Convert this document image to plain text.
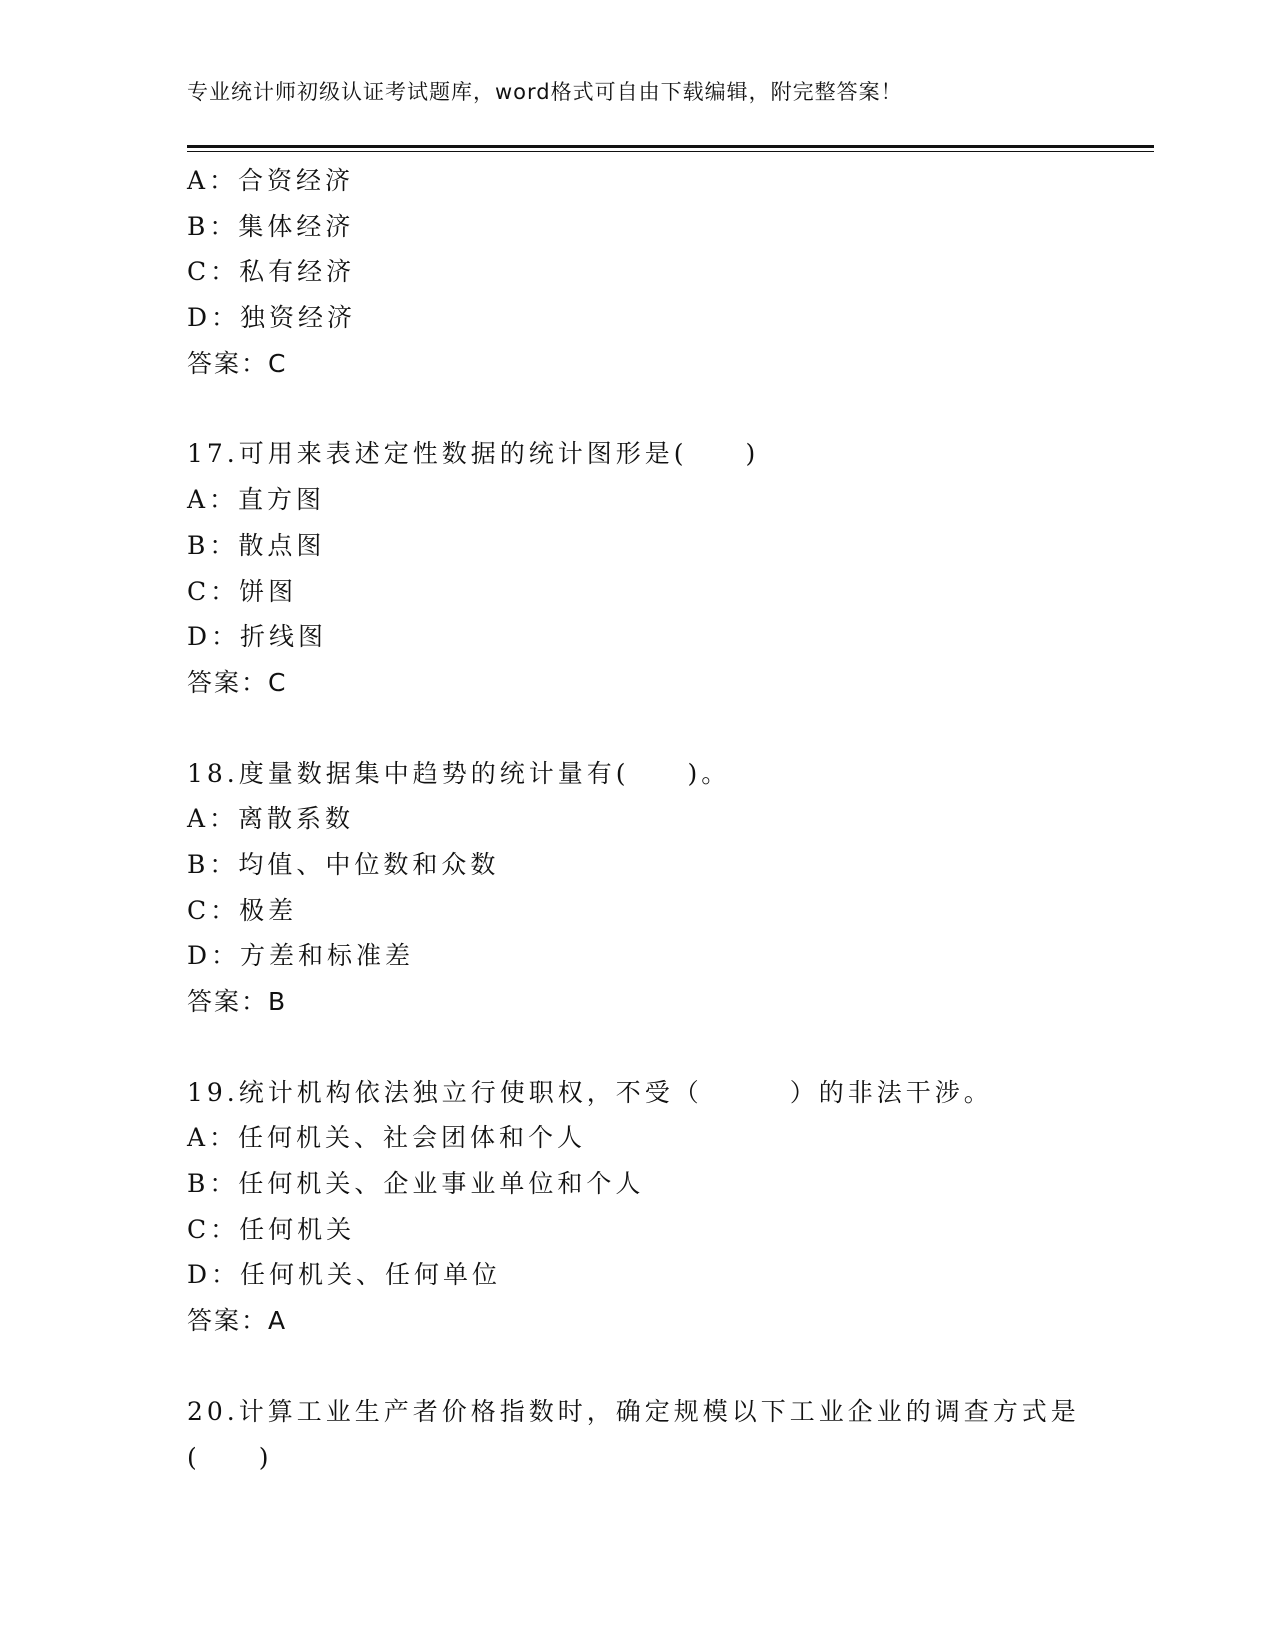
专业统计师初级认证考试题库，word格式可自由下载编辑，附完整答案！
A：合资经济
B：集体经济
C：私有经济
D：独资经济
答案：C
17.可用来表述定性数据的统计图形是(　　)
A：直方图
B：散点图
C：饼图
D：折线图
答案：C
18.度量数据集中趋势的统计量有(　　)。
A：离散系数
B：均值、中位数和众数
C：极差
D：方差和标准差
答案：B
19.统计机构依法独立行使职权，不受（　　　）的非法干涉。
A：任何机关、社会团体和个人
B：任何机关、企业事业单位和个人
C：任何机关
D：任何机关、任何单位
答案：A
20.计算工业生产者价格指数时，确定规模以下工业企业的调查方式是
(　　)
